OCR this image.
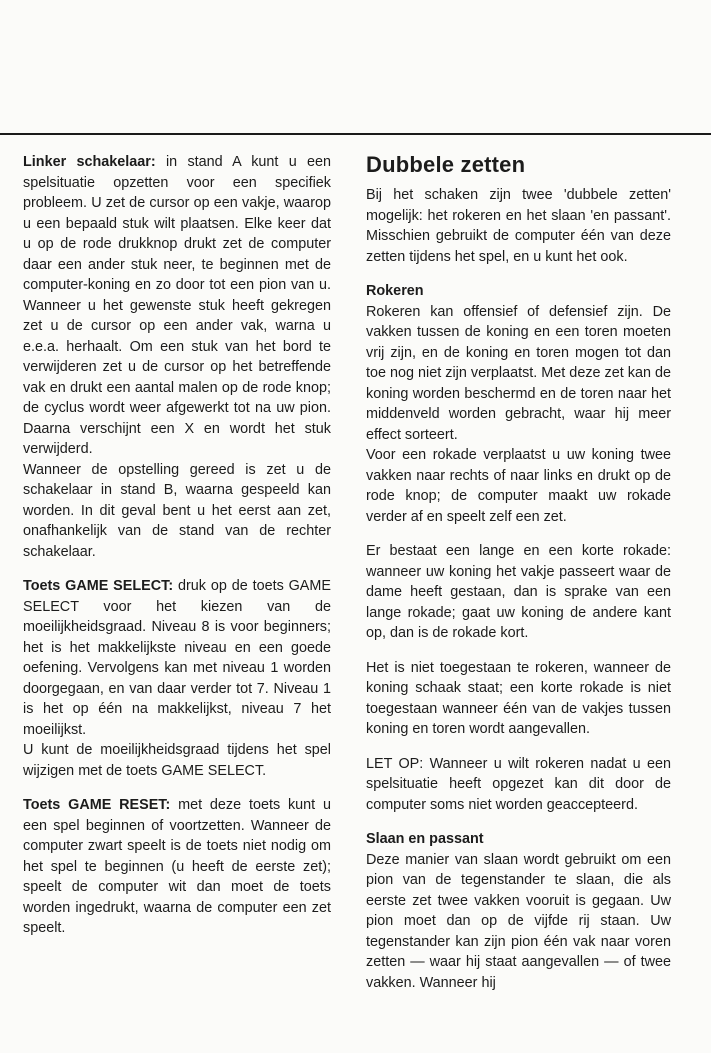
Linker schakelaar: in stand A kunt u een spelsituatie opzetten voor een specifiek probleem. U zet de cursor op een vakje, waarop u een bepaald stuk wilt plaatsen. Elke keer dat u op de rode drukknop drukt zet de computer daar een ander stuk neer, te beginnen met de computer-koning en zo door tot een pion van u. Wanneer u het gewenste stuk heeft gekregen zet u de cursor op een ander vak, warna u e.e.a. herhaalt. Om een stuk van het bord te verwijderen zet u de cursor op het betreffende vak en drukt een aantal malen op de rode knop; de cyclus wordt weer afgewerkt tot na uw pion. Daarna verschijnt een X en wordt het stuk verwijderd.

Wanneer de opstelling gereed is zet u de schakelaar in stand B, waarna gespeeld kan worden. In dit geval bent u het eerst aan zet, onafhankelijk van de stand van de rechter schakelaar.

Toets GAME SELECT: druk op de toets GAME SELECT voor het kiezen van de moeilijkheidsgraad. Niveau 8 is voor beginners; het is het makkelijkste niveau en een goede oefening. Vervolgens kan met niveau 1 worden doorgegaan, en van daar verder tot 7. Niveau 1 is het op één na makkelijkst, niveau 7 het moeilijkst.

U kunt de moeilijkheidsgraad tijdens het spel wijzigen met de toets GAME SELECT.

Toets GAME RESET: met deze toets kunt u een spel beginnen of voortzetten. Wanneer de computer zwart speelt is de toets niet nodig om het spel te beginnen (u heeft de eerste zet); speelt de computer wit dan moet de toets worden ingedrukt, waarna de computer een zet speelt.

Dubbele zetten

Bij het schaken zijn twee 'dubbele zetten' mogelijk: het rokeren en het slaan 'en passant'. Misschien gebruikt de computer één van deze zetten tijdens het spel, en u kunt het ook.

Rokeren

Rokeren kan offensief of defensief zijn. De vakken tussen de koning en een toren moeten vrij zijn, en de koning en toren mogen tot dan toe nog niet zijn verplaatst. Met deze zet kan de koning worden beschermd en de toren naar het middenveld worden gebracht, waar hij meer effect sorteert.

Voor een rokade verplaatst u uw koning twee vakken naar rechts of naar links en drukt op de rode knop; de computer maakt uw rokade verder af en speelt zelf een zet.

Er bestaat een lange en een korte rokade: wanneer uw koning het vakje passeert waar de dame heeft gestaan, dan is sprake van een lange rokade; gaat uw koning de andere kant op, dan is de rokade kort.

Het is niet toegestaan te rokeren, wanneer de koning schaak staat; een korte rokade is niet toegestaan wanneer één van de vakjes tussen koning en toren wordt aangevallen.

LET OP: Wanneer u wilt rokeren nadat u een spelsituatie heeft opgezet kan dit door de computer soms niet worden geaccepteerd.

Slaan en passant

Deze manier van slaan wordt gebruikt om een pion van de tegenstander te slaan, die als eerste zet twee vakken vooruit is gegaan. Uw pion moet dan op de vijfde rij staan. Uw tegenstander kan zijn pion één vak naar voren zetten — waar hij staat aangevallen — of twee vakken. Wanneer hij
